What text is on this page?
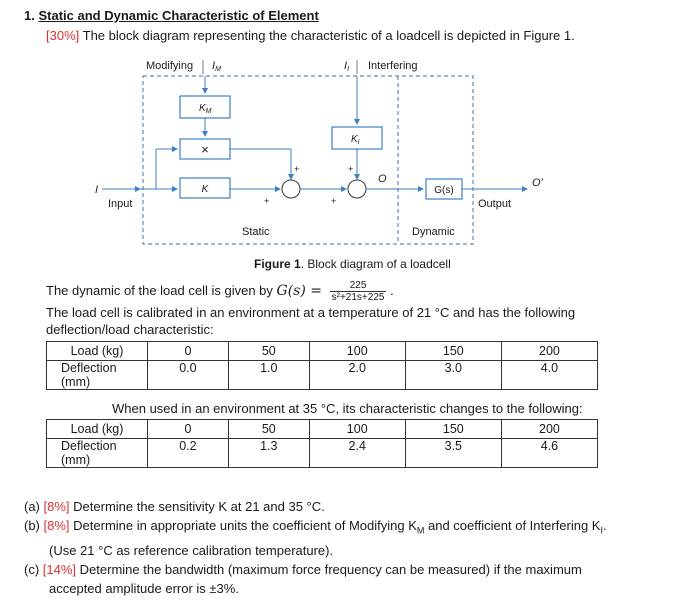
1. Static and Dynamic Characteristic of Element
[30%] The block diagram representing the characteristic of a loadcell is depicted in Figure 1.
Modifying IM	II Interfering
$K_M$
×
$K_I$
K
I
Input
+
+	+
+
O
G(s)
O'
Output
Static	Dynamic
Figure 1. Block diagram of a loadcell
The dynamic of the load cell is given by $G(s) = \frac{225}{\text{s²+21s+225}}$ .
The load cell is calibrated in an environment at a temperature of 21 °C and has the following
deflection/load characteristic:
Load (kg)	0	50	100	150	200
Deflection
(mm)	0.0	1.0	2.0	3.0	4.0

When used in an environment at 35 °C, its characteristic changes to the following:
Load (kg)	0	50	100	150	200
Deflection
(mm)	0.2	1.3	2.4	3.5	4.6

(a) [8%] Determine the sensitivity K at 21 and 35 °C.
(b) [8%] Determine in appropriate units the coefficient of Modifying $K_M$ and coefficient of Interfering $K_I$.
(Use 21 °C as reference calibration temperature).
(c) [14%] Determine the bandwidth (maximum force frequency can be measured) if the maximum
accepted amplitude error is ±3%.
